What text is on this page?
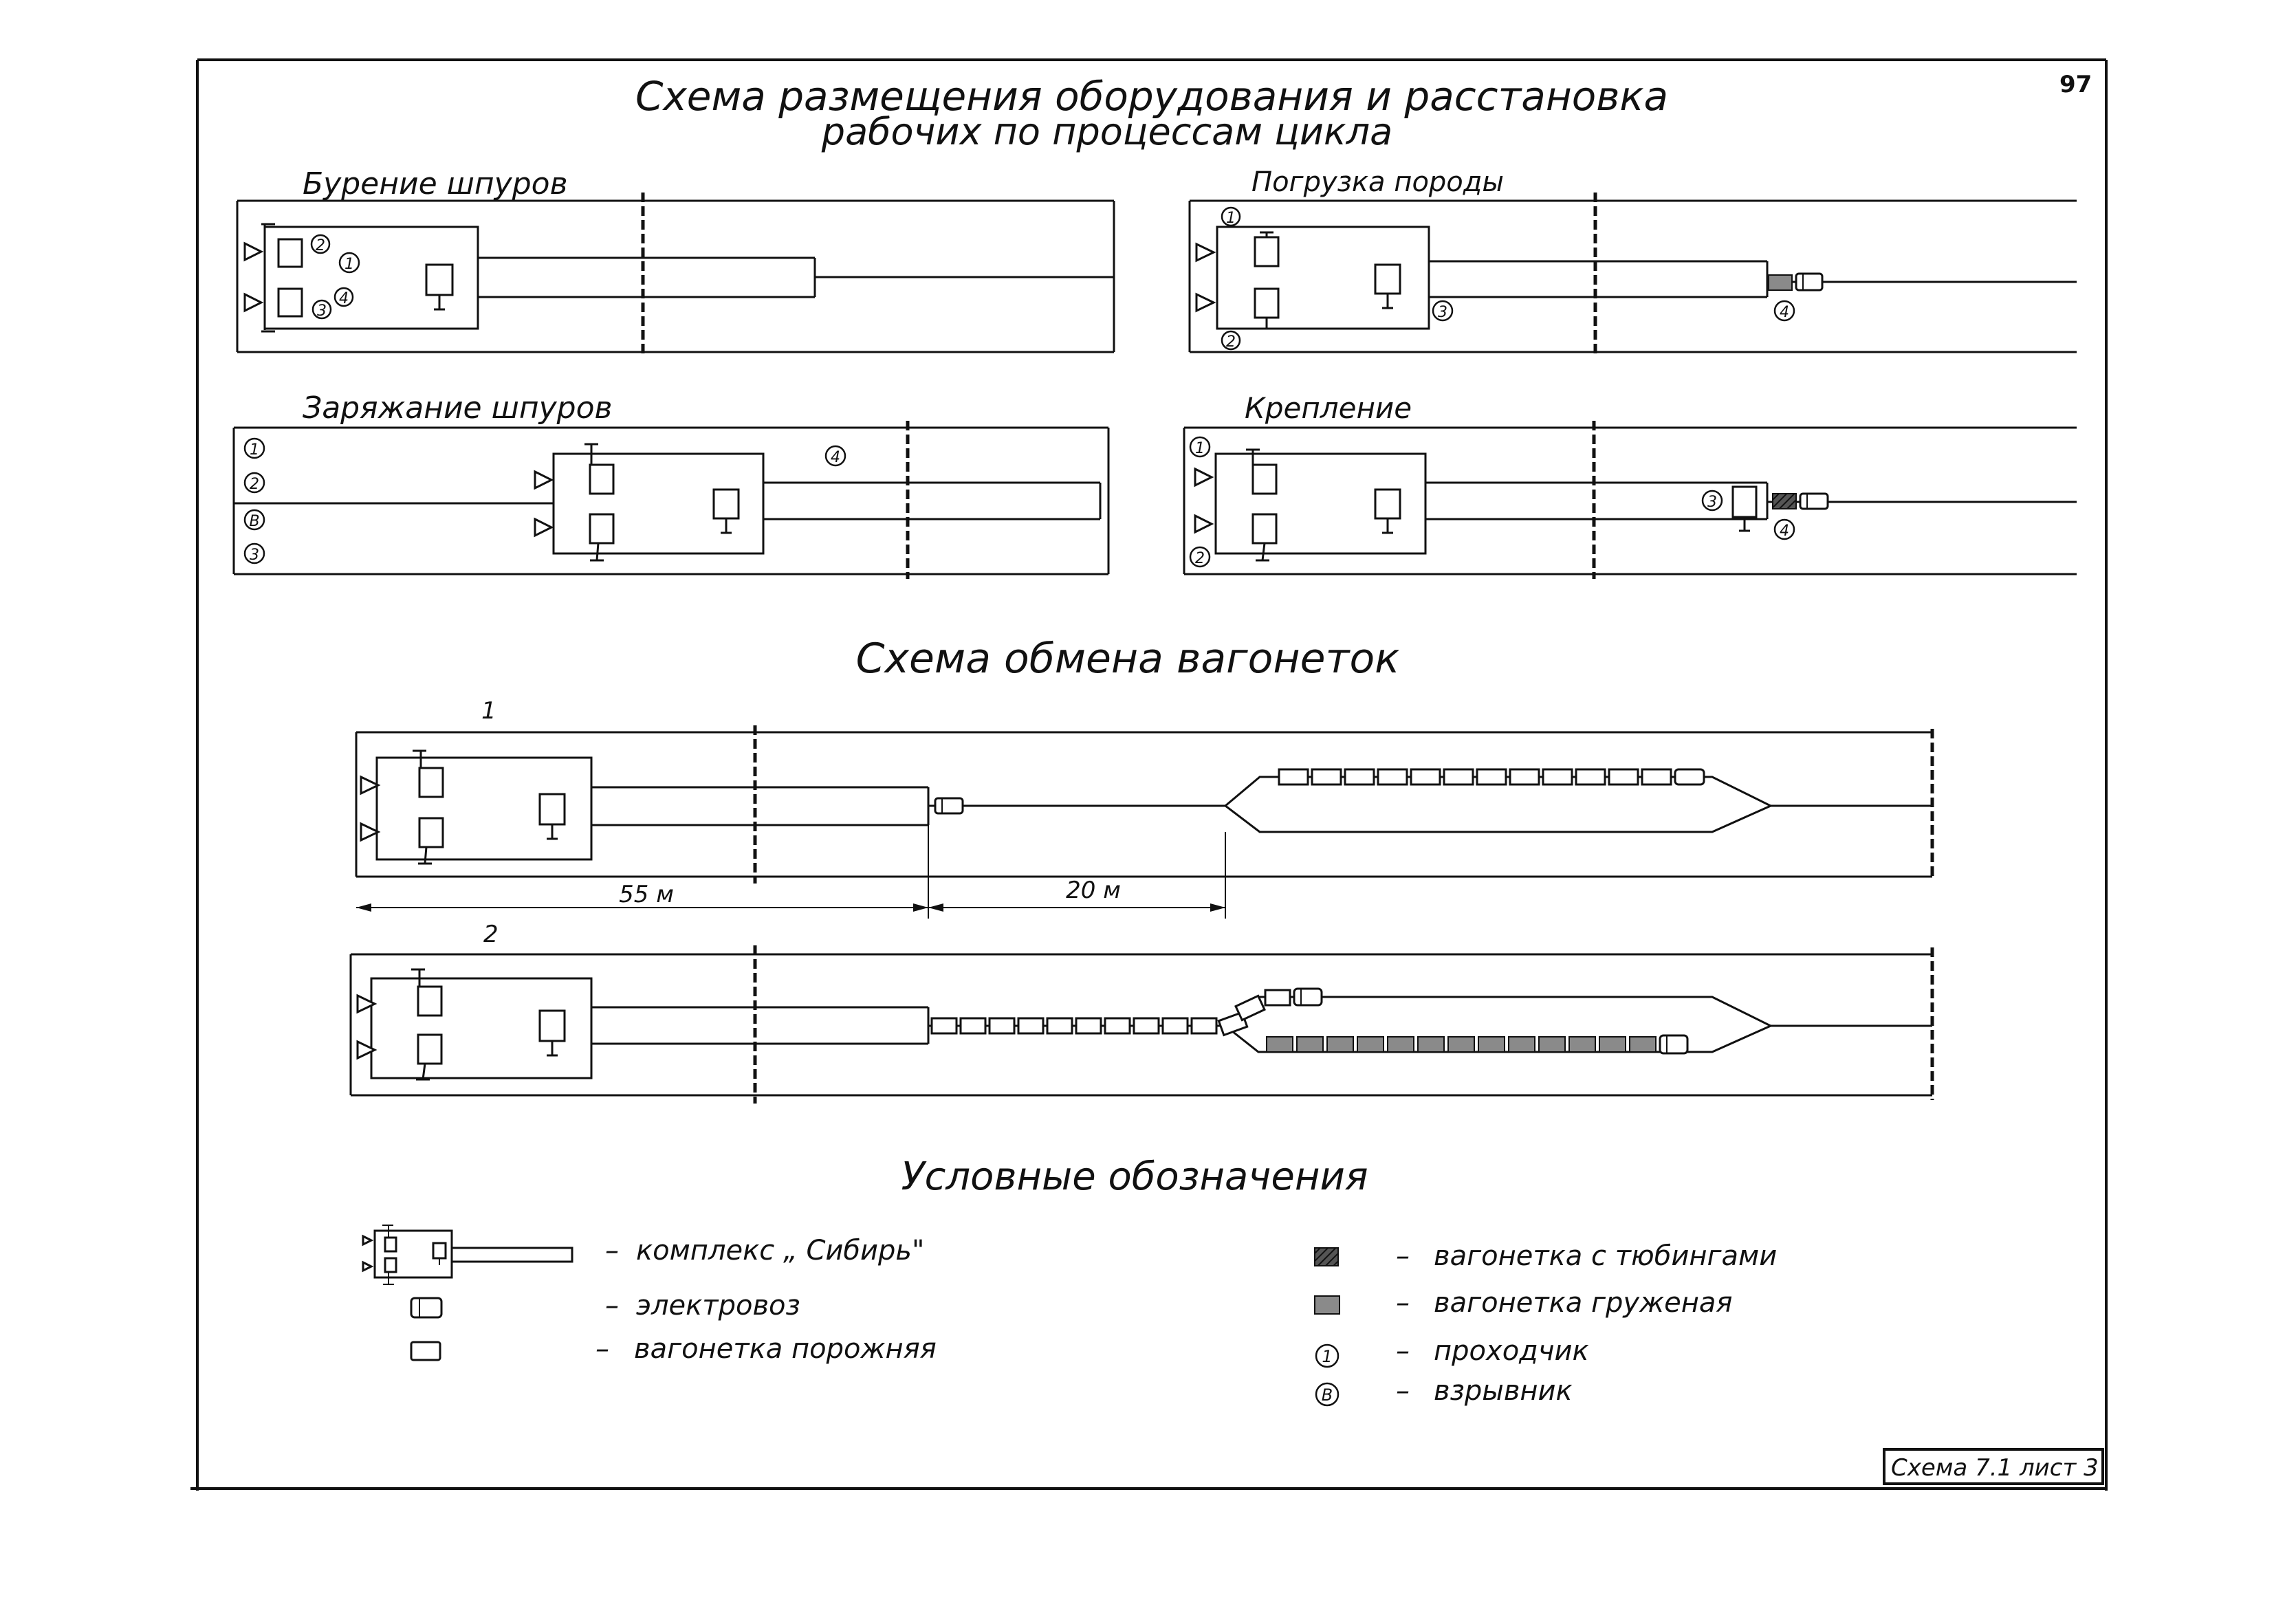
97
Схема размещения оборудования и расстановка
рабочих по процессам цикла
Бурение шпуров
2
1
3
4
Погрузка породы
1
2
3	4
Заряжание шпуров
1
2
В
3
4
Крепление
1
2
3
4
Схема обмена вагонеток
1
55 м	20 м
2
Условные обозначения
– комплекс „ Сибирь"
– электровоз
– вагонетка порожняя
– вагонетка с тюбингами
– вагонетка груженая
1 – проходчик
В – взрывник
Схема 7.1 лист 3
